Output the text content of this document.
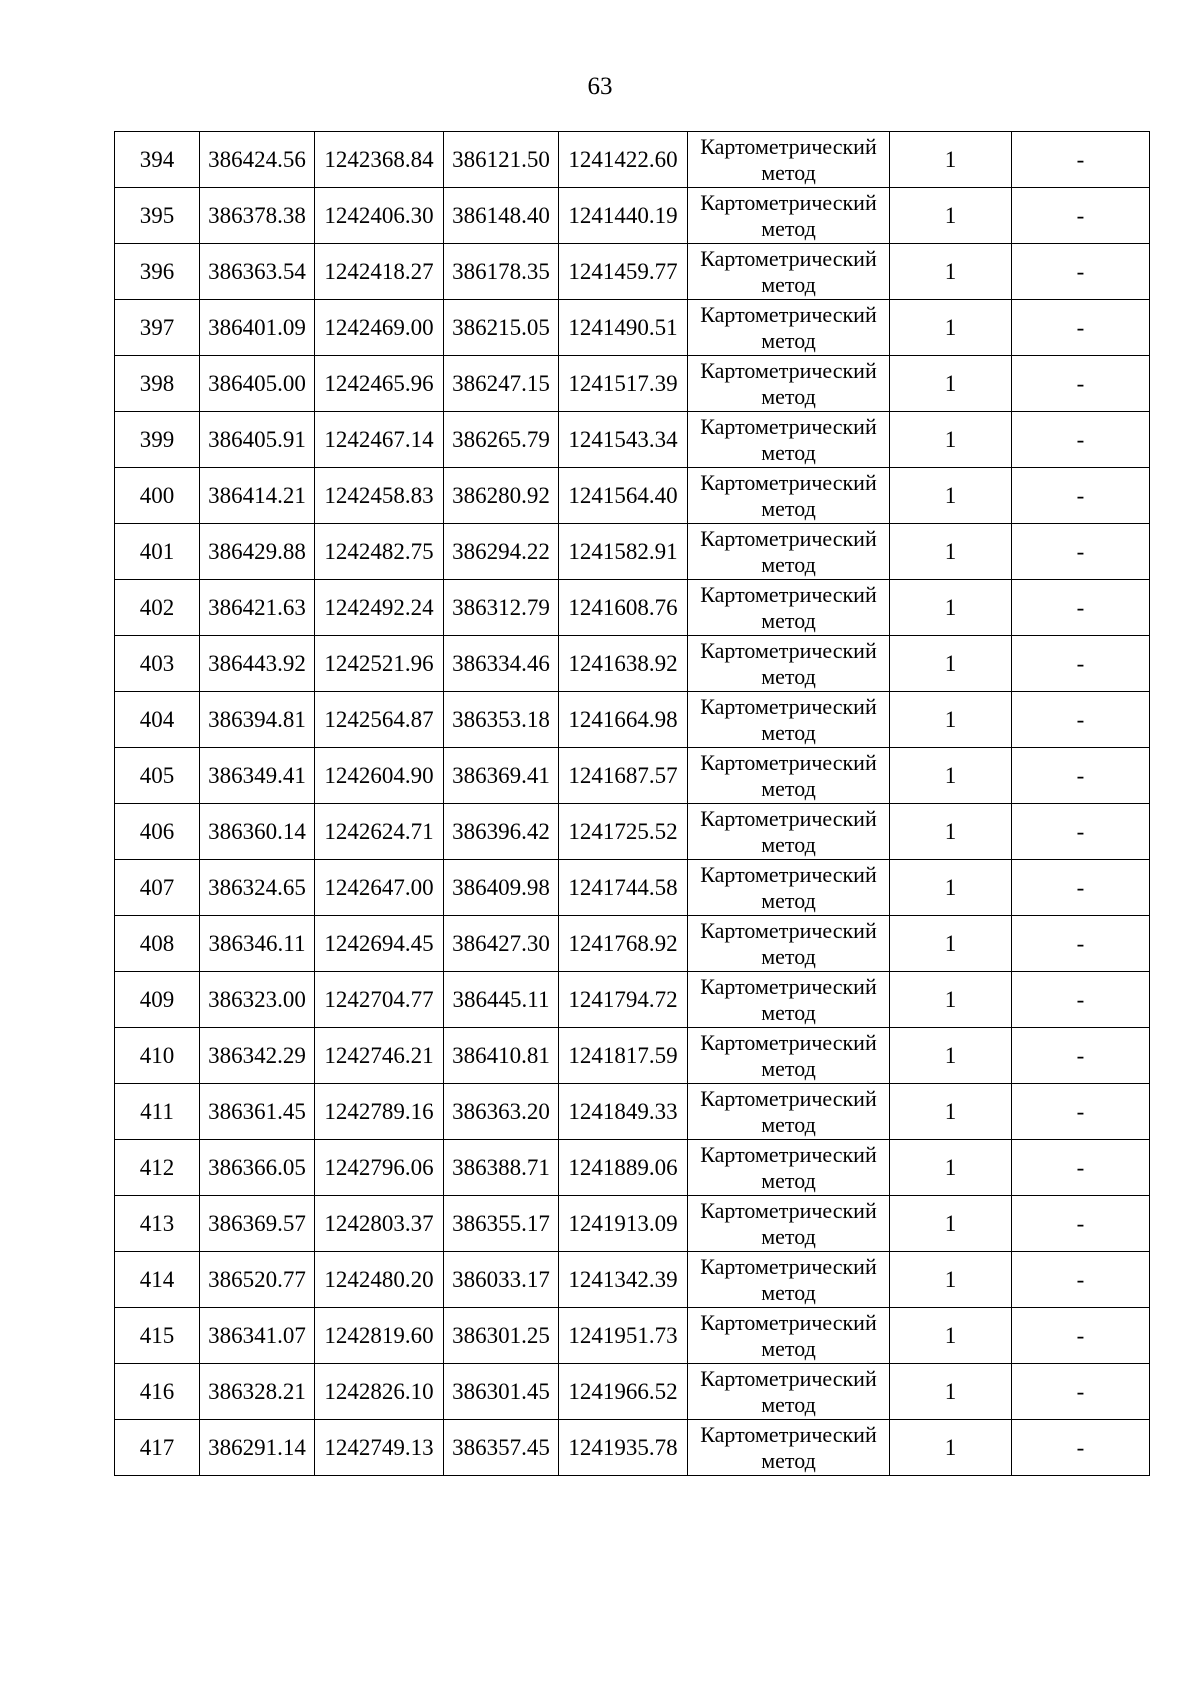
63
394	386424.56	1242368.84	386121.50	1241422.60	Картометрический
метод	1	-
395	386378.38	1242406.30	386148.40	1241440.19	Картометрический
метод	1	-
396	386363.54	1242418.27	386178.35	1241459.77	Картометрический
метод	1	-
397	386401.09	1242469.00	386215.05	1241490.51	Картометрический
метод	1	-
398	386405.00	1242465.96	386247.15	1241517.39	Картометрический
метод	1	-
399	386405.91	1242467.14	386265.79	1241543.34	Картометрический
метод	1	-
400	386414.21	1242458.83	386280.92	1241564.40	Картометрический
метод	1	-
401	386429.88	1242482.75	386294.22	1241582.91	Картометрический
метод	1	-
402	386421.63	1242492.24	386312.79	1241608.76	Картометрический
метод	1	-
403	386443.92	1242521.96	386334.46	1241638.92	Картометрический
метод	1	-
404	386394.81	1242564.87	386353.18	1241664.98	Картометрический
метод	1	-
405	386349.41	1242604.90	386369.41	1241687.57	Картометрический
метод	1	-
406	386360.14	1242624.71	386396.42	1241725.52	Картометрический
метод	1	-
407	386324.65	1242647.00	386409.98	1241744.58	Картометрический
метод	1	-
408	386346.11	1242694.45	386427.30	1241768.92	Картометрический
метод	1	-
409	386323.00	1242704.77	386445.11	1241794.72	Картометрический
метод	1	-
410	386342.29	1242746.21	386410.81	1241817.59	Картометрический
метод	1	-
411	386361.45	1242789.16	386363.20	1241849.33	Картометрический
метод	1	-
412	386366.05	1242796.06	386388.71	1241889.06	Картометрический
метод	1	-
413	386369.57	1242803.37	386355.17	1241913.09	Картометрический
метод	1	-
414	386520.77	1242480.20	386033.17	1241342.39	Картометрический
метод	1	-
415	386341.07	1242819.60	386301.25	1241951.73	Картометрический
метод	1	-
416	386328.21	1242826.10	386301.45	1241966.52	Картометрический
метод	1	-
417	386291.14	1242749.13	386357.45	1241935.78	Картометрический
метод	1	-
